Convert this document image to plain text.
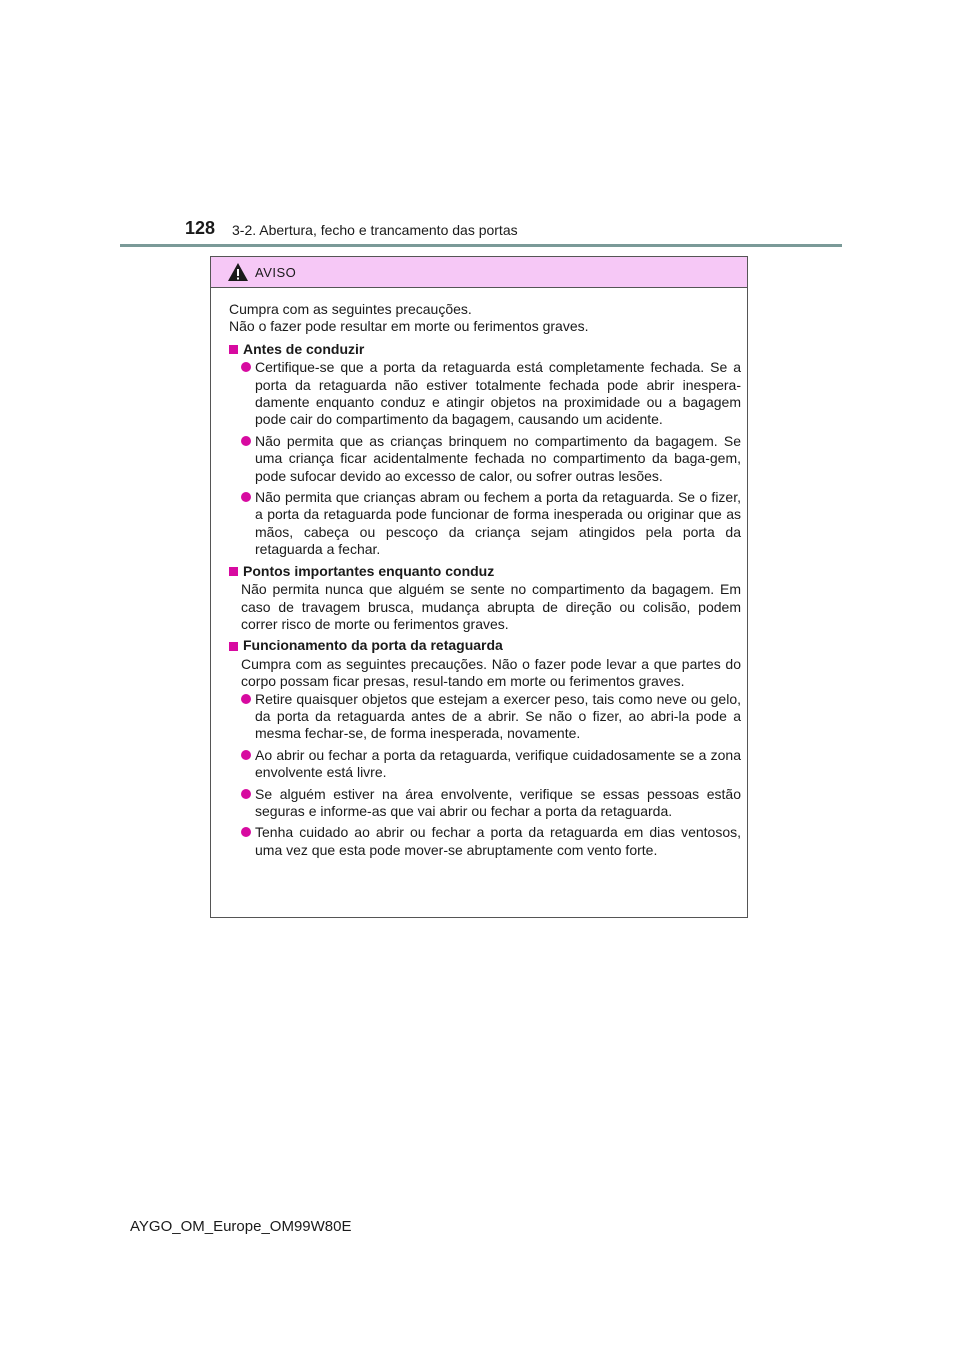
128 3-2. Abertura, fecho e trancamento das portas
AVISO

Cumpra com as seguintes precauções.

Não o fazer pode resultar em morte ou ferimentos graves.

Antes de conduzir
Certifique-se que a porta da retaguarda está completamente fechada. Se a porta da retaguarda não estiver totalmente fechada pode abrir inespera-damente enquanto conduz e atingir objetos na proximidade ou a bagagem pode cair do compartimento da bagagem, causando um acidente.
Não permita que as crianças brinquem no compartimento da bagagem. Se uma criança ficar acidentalmente fechada no compartimento da baga-gem, pode sufocar devido ao excesso de calor, ou sofrer outras lesões.
Não permita que crianças abram ou fechem a porta da retaguarda. Se o fizer, a porta da retaguarda pode funcionar de forma inesperada ou originar que as mãos, cabeça ou pescoço da criança sejam atingidos pela porta da retaguarda a fechar.
Pontos importantes enquanto conduz

Não permita nunca que alguém se sente no compartimento da bagagem. Em caso de travagem brusca, mudança abrupta de direção ou colisão, podem correr risco de morte ou ferimentos graves.

Funcionamento da porta da retaguarda

Cumpra com as seguintes precauções. Não o fazer pode levar a que partes do corpo possam ficar presas, resul-tando em morte ou ferimentos graves.

Retire quaisquer objetos que estejam a exercer peso, tais como neve ou gelo, da porta da retaguarda antes de a abrir. Se não o fizer, ao abri-la pode a mesma fechar-se, de forma inesperada, novamente.
Ao abrir ou fechar a porta da retaguarda, verifique cuidadosamente se a zona envolvente está livre.
Se alguém estiver na área envolvente, verifique se essas pessoas estão seguras e informe-as que vai abrir ou fechar a porta da retaguarda.
Tenha cuidado ao abrir ou fechar a porta da retaguarda em dias ventosos, uma vez que esta pode mover-se abruptamente com vento forte.
AYGO_OM_Europe_OM99W80E
